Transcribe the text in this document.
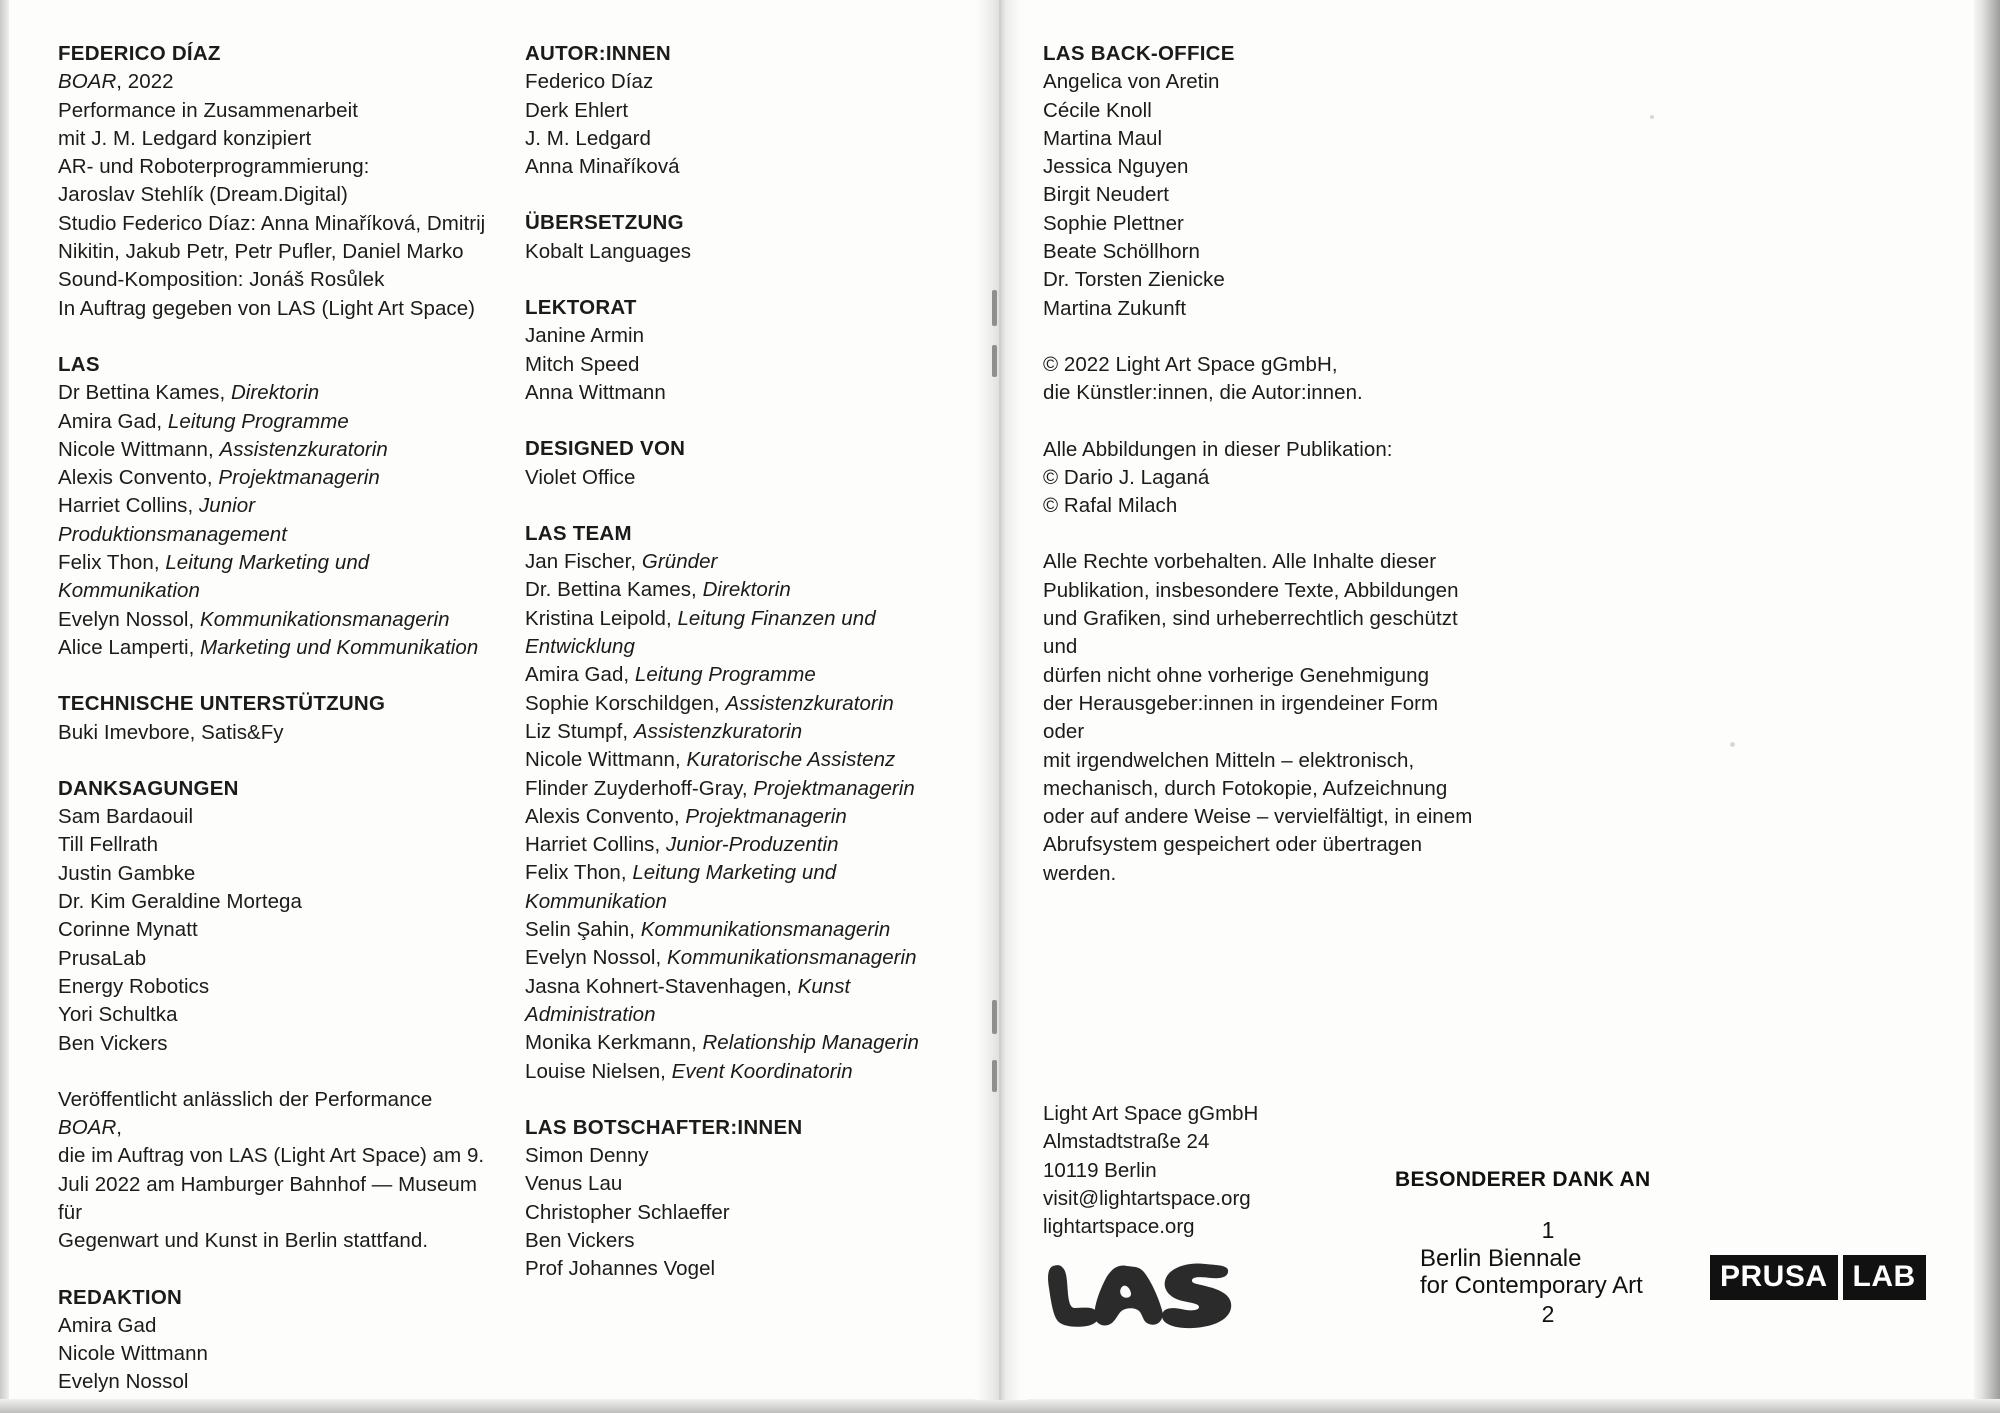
FEDERICO DÍAZ
BOAR, 2022
Performance in Zusammenarbeit
mit J. M. Ledgard konzipiert
AR- und Roboterprogrammierung:
Jaroslav Stehlík (Dream.Digital)
Studio Federico Díaz: Anna Minaříková, Dmitrij
Nikitin, Jakub Petr, Petr Pufler, Daniel Marko
Sound-Komposition: Jonáš Rosůlek
In Auftrag gegeben von LAS (Light Art Space)
LAS
Dr Bettina Kames, Direktorin
Amira Gad, Leitung Programme
Nicole Wittmann, Assistenzkuratorin
Alexis Convento, Projektmanagerin
Harriet Collins, Junior Produktionsmanagement
Felix Thon, Leitung Marketing und Kommunikation
Evelyn Nossol, Kommunikationsmanagerin
Alice Lamperti, Marketing und Kommunikation
TECHNISCHE UNTERSTÜTZUNG
Buki Imevbore, Satis&Fy
DANKSAGUNGEN
Sam Bardaouil
Till Fellrath
Justin Gambke
Dr. Kim Geraldine Mortega
Corinne Mynatt
PrusaLab
Energy Robotics
Yori Schultka
Ben Vickers
Veröffentlicht anlässlich der Performance BOAR,
die im Auftrag von LAS (Light Art Space) am 9.
Juli 2022 am Hamburger Bahnhof — Museum für
Gegenwart und Kunst in Berlin stattfand.
REDAKTION
Amira Gad
Nicole Wittmann
Evelyn Nossol
AUTOR:INNEN
Federico Díaz
Derk Ehlert
J. M. Ledgard
Anna Minaříková
ÜBERSETZUNG
Kobalt Languages
LEKTORAT
Janine Armin
Mitch Speed
Anna Wittmann
DESIGNED VON
Violet Office
LAS TEAM
Jan Fischer, Gründer
Dr. Bettina Kames, Direktorin
Kristina Leipold, Leitung Finanzen und
Entwicklung
Amira Gad, Leitung Programme
Sophie Korschildgen, Assistenzkuratorin
Liz Stumpf, Assistenzkuratorin
Nicole Wittmann, Kuratorische Assistenz
Flinder Zuyderhoff-Gray, Projektmanagerin
Alexis Convento, Projektmanagerin
Harriet Collins, Junior-Produzentin
Felix Thon, Leitung Marketing und Kommunikation
Selin Şahin, Kommunikationsmanagerin
Evelyn Nossol, Kommunikationsmanagerin
Jasna Kohnert-Stavenhagen, Kunst
Administration
Monika Kerkmann, Relationship Managerin
Louise Nielsen, Event Koordinatorin
LAS BOTSCHAFTER:INNEN
Simon Denny
Venus Lau
Christopher Schlaeffer
Ben Vickers
Prof Johannes Vogel
LAS BACK-OFFICE
Angelica von Aretin
Cécile Knoll
Martina Maul
Jessica Nguyen
Birgit Neudert
Sophie Plettner
Beate Schöllhorn
Dr. Torsten Zienicke
Martina Zukunft
© 2022 Light Art Space gGmbH,
die Künstler:innen, die Autor:innen.
Alle Abbildungen in dieser Publikation:
© Dario J. Laganá
© Rafal Milach
Alle Rechte vorbehalten. Alle Inhalte dieser
Publikation, insbesondere Texte, Abbildungen
und Grafiken, sind urheberrechtlich geschützt und
dürfen nicht ohne vorherige Genehmigung
der Herausgeber:innen in irgendeiner Form oder
mit irgendwelchen Mitteln – elektronisch,
mechanisch, durch Fotokopie, Aufzeichnung
oder auf andere Weise – vervielfältigt, in einem
Abrufsystem gespeichert oder übertragen
werden.
Light Art Space gGmbH
Almstadtstraße 24
10119 Berlin
visit@lightartspace.org
lightartspace.org
BESONDERER DANK AN
1
Berlin Biennale
for Contemporary Art
2
PRUSA LAB
